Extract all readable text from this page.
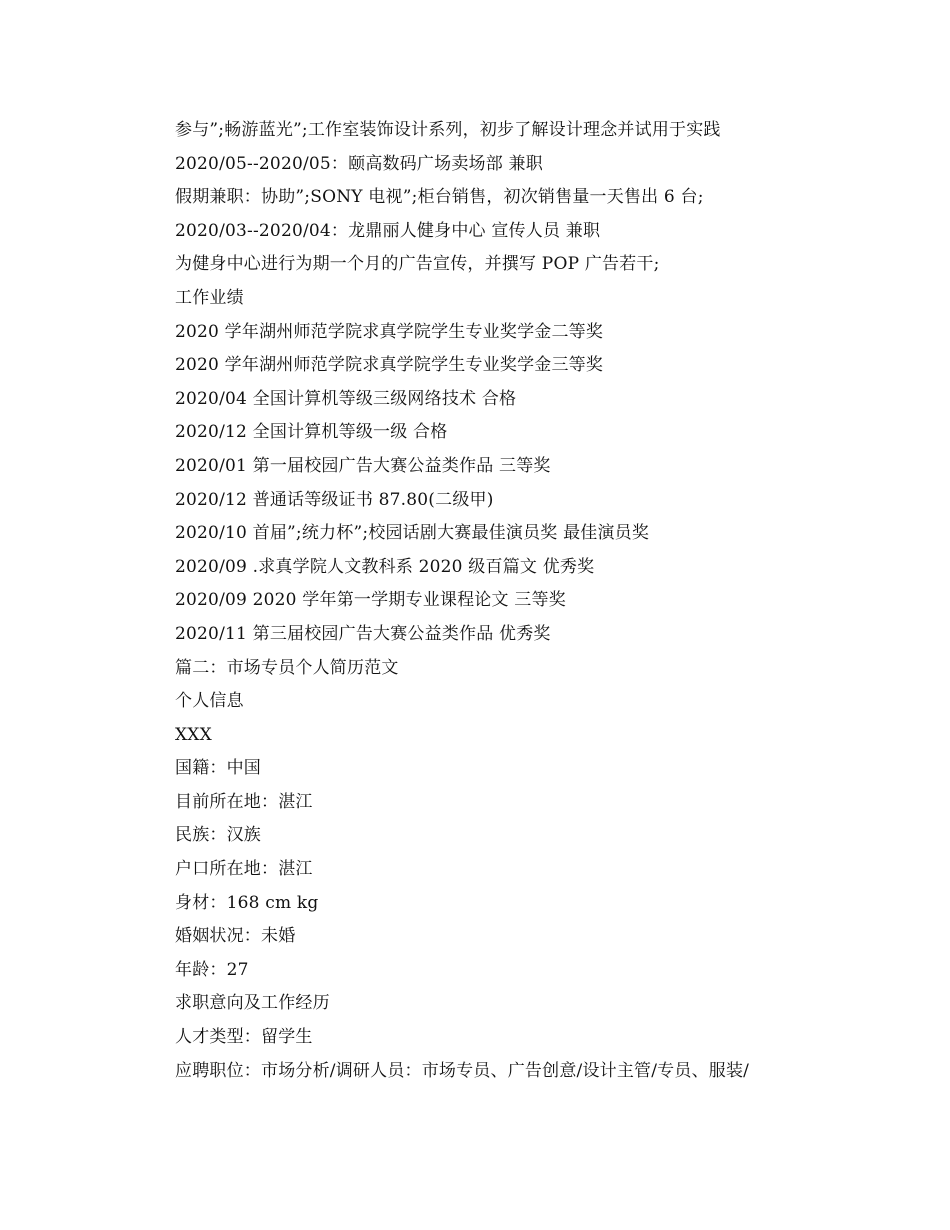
参与”;畅游蓝光”;工作室装饰设计系列，初步了解设计理念并试用于实践
2020/05--2020/05：颐高数码广场卖场部 兼职
假期兼职：协助”;SONY 电视”;柜台销售，初次销售量一天售出 6 台;
2020/03--2020/04：龙鼎丽人健身中心 宣传人员 兼职
为健身中心进行为期一个月的广告宣传，并撰写 POP 广告若干;
工作业绩
2020 学年湖州师范学院求真学院学生专业奖学金二等奖
2020 学年湖州师范学院求真学院学生专业奖学金三等奖
2020/04 全国计算机等级三级网络技术 合格
2020/12 全国计算机等级一级 合格
2020/01 第一届校园广告大赛公益类作品 三等奖
2020/12 普通话等级证书 87.80(二级甲)
2020/10 首届”;统力杯”;校园话剧大赛最佳演员奖 最佳演员奖
2020/09 .求真学院人文教科系 2020 级百篇文 优秀奖
2020/09 2020 学年第一学期专业课程论文 三等奖
2020/11 第三届校园广告大赛公益类作品 优秀奖
篇二：市场专员个人简历范文
个人信息
XXX
国籍：中国
目前所在地：湛江
民族：汉族
户口所在地：湛江
身材：168 cm kg
婚姻状况：未婚
年龄：27
求职意向及工作经历
人才类型：留学生
应聘职位：市场分析/调研人员：市场专员、广告创意/设计主管/专员、服装/
